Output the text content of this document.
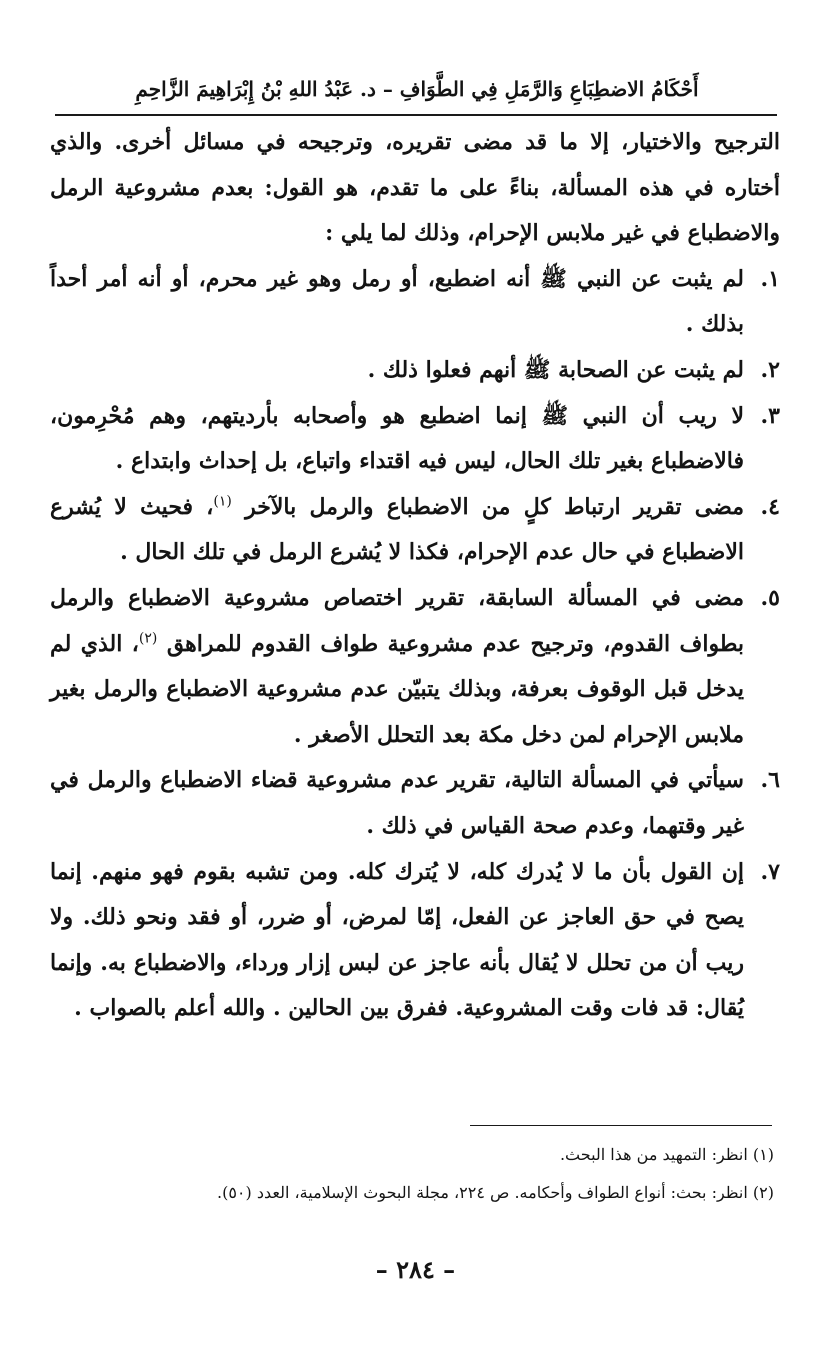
أَحْكَامُ الاضطِبَاعِ وَالرَّمَلِ فِي الطَّوَافِ – د. عَبْدُ اللهِ بْنُ إِبْرَاهِيمَ الزَّاحِمِ

الترجيح والاختيار، إلا ما قد مضى تقريره، وترجيحه في مسائل أخرى. والذي أختاره في هذه المسألة، بناءً على ما تقدم، هو القول: بعدم مشروعية الرمل والاضطباع في غير ملابس الإحرام، وذلك لما يلي :

١.
لم يثبت عن النبي ﷺ أنه اضطبع، أو رمل وهو غير محرم، أو أنه أمر أحداً بذلك .
٢.
لم يثبت عن الصحابة ﷺ أنهم فعلوا ذلك .
٣.
لا ريب أن النبي ﷺ إنما اضطبع هو وأصحابه بأرديتهم، وهم مُحْرِمون، فالاضطباع بغير تلك الحال، ليس فيه اقتداء واتباع، بل إحداث وابتداع .
٤.
مضى تقرير ارتباط كلٍ من الاضطباع والرمل بالآخر $^{(١)}$، فحيث لا يُشرع الاضطباع في حال عدم الإحرام، فكذا لا يُشرع الرمل في تلك الحال .
٥.
مضى في المسألة السابقة، تقرير اختصاص مشروعية الاضطباع والرمل بطواف القدوم، وترجيح عدم مشروعية طواف القدوم للمراهق $^{(٢)}$، الذي لم يدخل قبل الوقوف بعرفة، وبذلك يتبيّن عدم مشروعية الاضطباع والرمل بغير ملابس الإحرام لمن دخل مكة بعد التحلل الأصغر .
٦.
سيأتي في المسألة التالية، تقرير عدم مشروعية قضاء الاضطباع والرمل في غير وقتهما، وعدم صحة القياس في ذلك .
٧.
إن القول بأن ما لا يُدرك كله، لا يُترك كله. ومن تشبه بقوم فهو منهم. إنما يصح في حق العاجز عن الفعل، إمّا لمرض، أو ضرر، أو فقد ونحو ذلك. ولا ريب أن من تحلل لا يُقال بأنه عاجز عن لبس إزار ورداء، والاضطباع به. وإنما يُقال: قد فات وقت المشروعية. ففرق بين الحالين . والله أعلم بالصواب .

(١) انظر: التمهيد من هذا البحث.

(٢) انظر: بحث: أنواع الطواف وأحكامه. ص ٢٢٤، مجلة البحوث الإسلامية، العدد (٥٠).

– ٢٨٤ –
